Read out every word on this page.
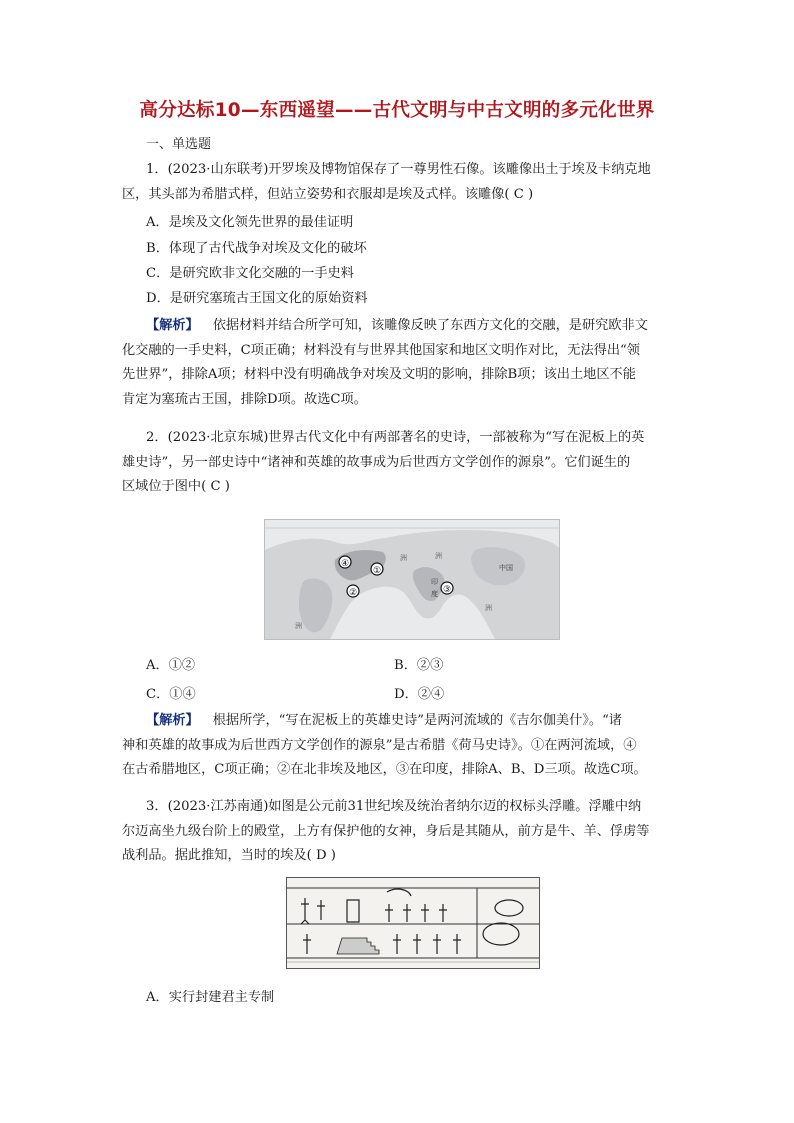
高分达标10—东西遥望——古代文明与中古文明的多元化世界
一、单选题
1．(2023·山东联考)开罗埃及博物馆保存了一尊男性石像。该雕像出土于埃及卡纳克地
区，其头部为希腊式样，但站立姿势和衣服却是埃及式样。该雕像( C )
A．是埃及文化领先世界的最佳证明
B．体现了古代战争对埃及文化的破坏
C．是研究欧非文化交融的一手史料
D．是研究塞琉古王国文化的原始资料
【解析】 依据材料并结合所学可知，该雕像反映了东西方文化的交融，是研究欧非文
化交融的一手史料，C项正确；材料没有与世界其他国家和地区文明作对比，无法得出“领
先世界”，排除A项；材料中没有明确战争对埃及文明的影响，排除B项；该出土地区不能
肯定为塞琉古王国，排除D项。故选C项。
2．(2023·北京东城)世界古代文化中有两部著名的史诗，一部被称为“写在泥板上的英
雄史诗”，另一部史诗中“诸神和英雄的故事成为后世西方文学创作的源泉”。它们诞生的
区域位于图中( C )
①
②	③
④	中国
印
度
洲	洲
洲
洲
A．①②	B．②③
C．①④	D．②④
【解析】 根据所学，“写在泥板上的英雄史诗”是两河流域的《吉尔伽美什》。“诸
神和英雄的故事成为后世西方文学创作的源泉”是古希腊《荷马史诗》。①在两河流域，④
在古希腊地区，C项正确；②在北非埃及地区，③在印度，排除A、B、D三项。故选C项。
3．(2023·江苏南通)如图是公元前31世纪埃及统治者纳尔迈的权标头浮雕。浮雕中纳
尔迈高坐九级台阶上的殿堂，上方有保护他的女神，身后是其随从，前方是牛、羊、俘虏等
战利品。据此推知，当时的埃及( D )
A．实行封建君主专制
